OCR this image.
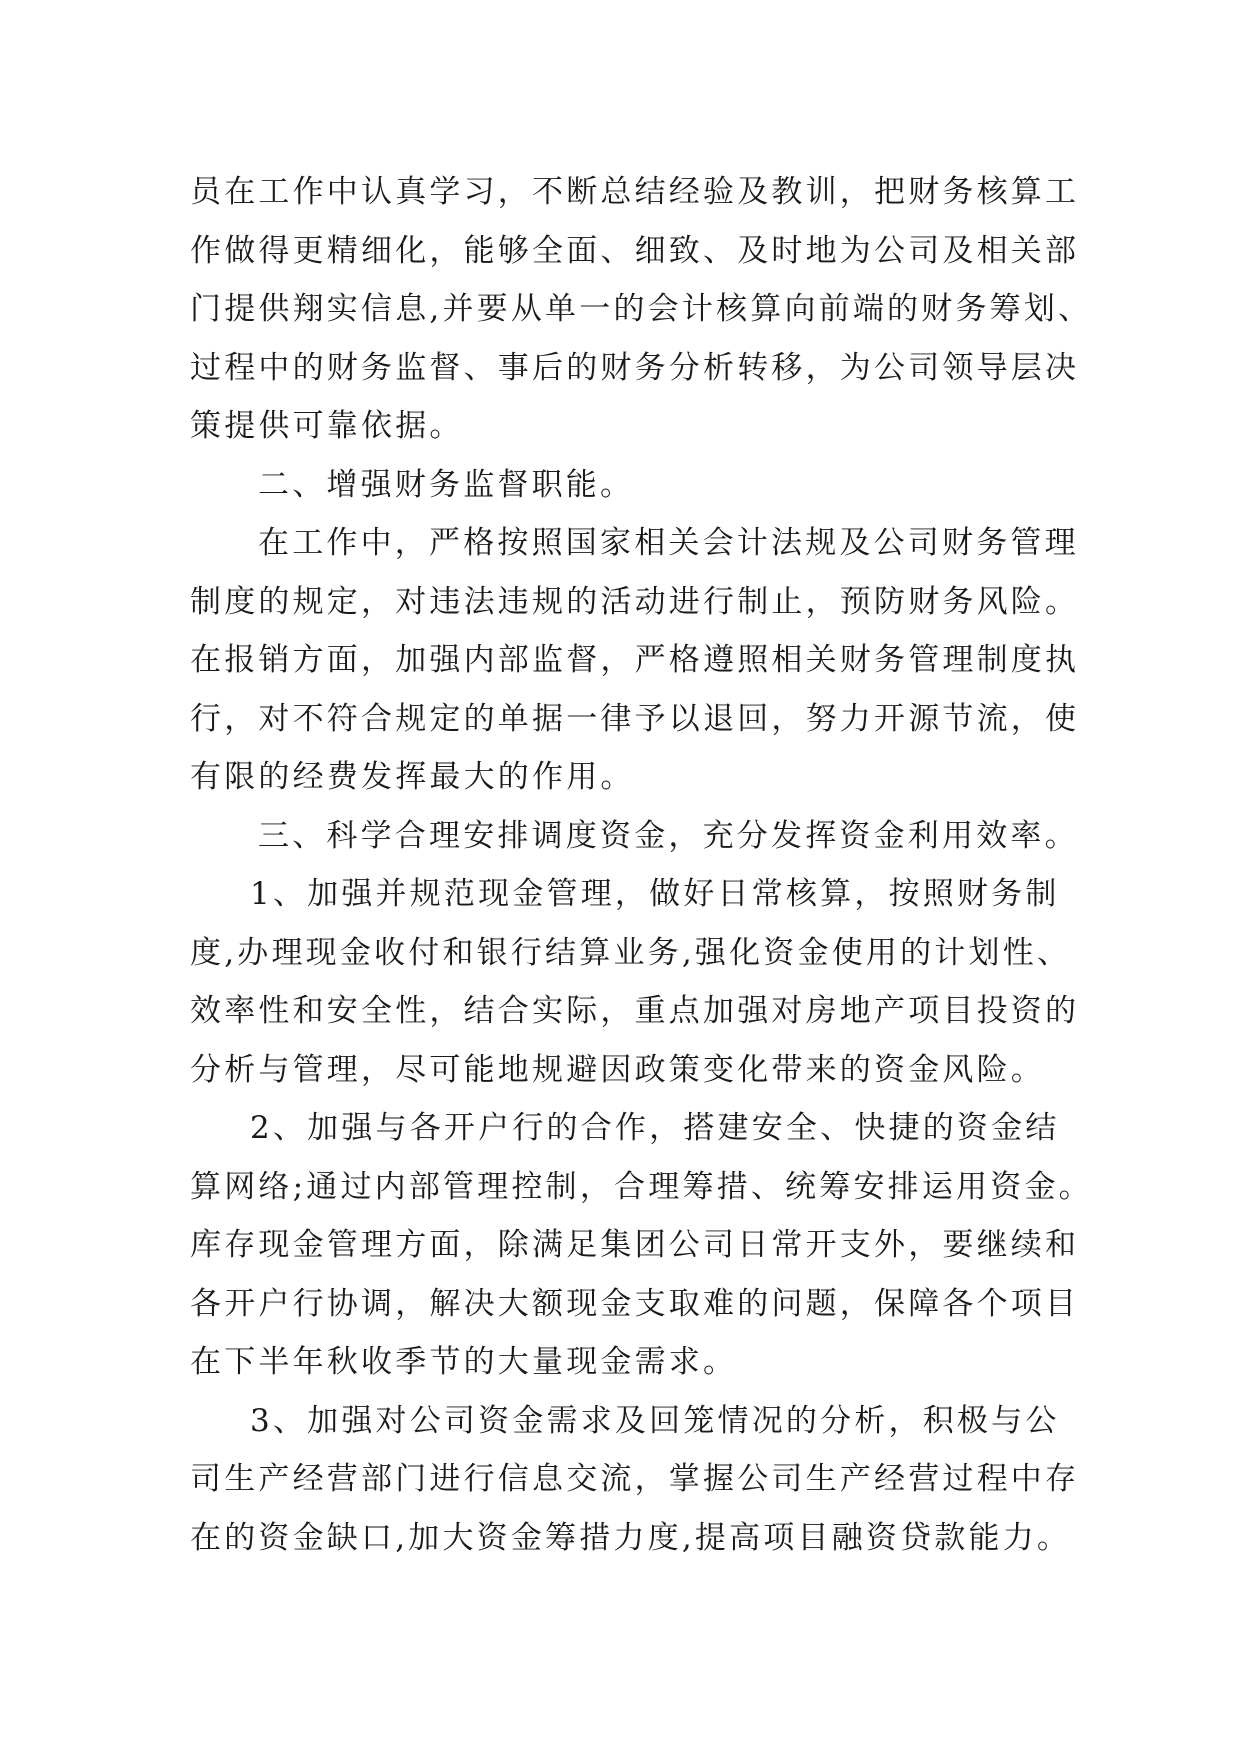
员在工作中认真学习，不断总结经验及教训，把财务核算工
作做得更精细化，能够全面、细致、及时地为公司及相关部
门提供翔实信息,并要从单一的会计核算向前端的财务筹划、
过程中的财务监督、事后的财务分析转移，为公司领导层决
策提供可靠依据。
二、增强财务监督职能。
在工作中，严格按照国家相关会计法规及公司财务管理
制度的规定，对违法违规的活动进行制止，预防财务风险。
在报销方面，加强内部监督，严格遵照相关财务管理制度执
行，对不符合规定的单据一律予以退回，努力开源节流，使
有限的经费发挥最大的作用。
三、科学合理安排调度资金，充分发挥资金利用效率。
1、加强并规范现金管理，做好日常核算，按照财务制
度,办理现金收付和银行结算业务,强化资金使用的计划性、
效率性和安全性，结合实际，重点加强对房地产项目投资的
分析与管理，尽可能地规避因政策变化带来的资金风险。
2、加强与各开户行的合作，搭建安全、快捷的资金结
算网络;通过内部管理控制，合理筹措、统筹安排运用资金。
库存现金管理方面，除满足集团公司日常开支外，要继续和
各开户行协调，解决大额现金支取难的问题，保障各个项目
在下半年秋收季节的大量现金需求。
3、加强对公司资金需求及回笼情况的分析，积极与公
司生产经营部门进行信息交流，掌握公司生产经营过程中存
在的资金缺口,加大资金筹措力度,提高项目融资贷款能力。
